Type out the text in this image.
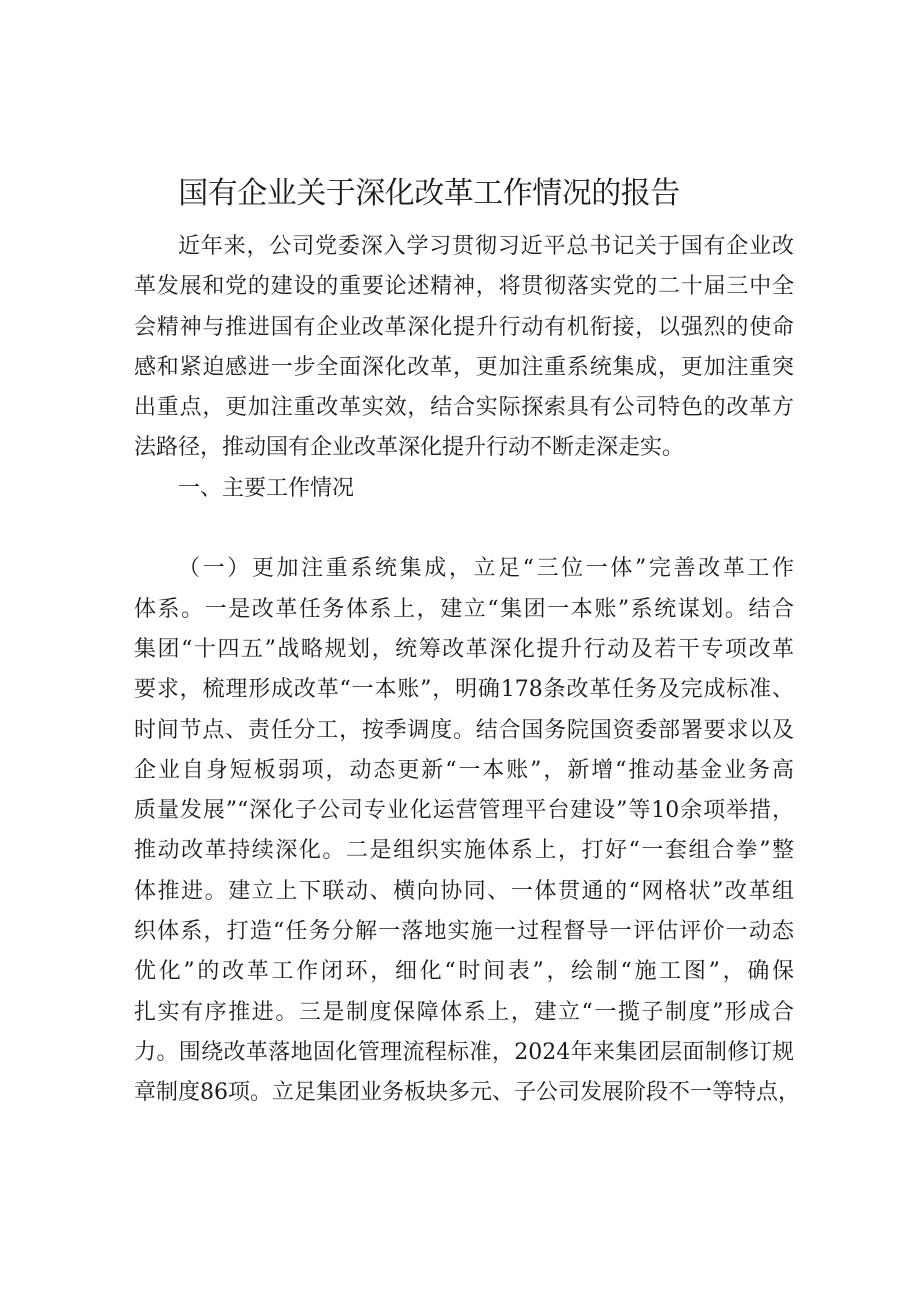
国有企业关于深化改革工作情况的报告
近年来，公司党委深入学习贯彻习近平总书记关于国有企业改
革发展和党的建设的重要论述精神，将贯彻落实党的二十届三中全
会精神与推进国有企业改革深化提升行动有机衔接，以强烈的使命
感和紧迫感进一步全面深化改革，更加注重系统集成，更加注重突
出重点，更加注重改革实效，结合实际探索具有公司特色的改革方
法路径，推动国有企业改革深化提升行动不断走深走实。
一、主要工作情况
（一）更加注重系统集成，立足“三位一体”完善改革工作
体系。一是改革任务体系上，建立“集团一本账”系统谋划。结合
集团“十四五”战略规划，统筹改革深化提升行动及若干专项改革
要求，梳理形成改革“一本账”，明确178条改革任务及完成标准、
时间节点、责任分工，按季调度。结合国务院国资委部署要求以及
企业自身短板弱项，动态更新“一本账”，新增“推动基金业务高
质量发展”“深化子公司专业化运营管理平台建设”等10余项举措，
推动改革持续深化。二是组织实施体系上，打好“一套组合拳”整
体推进。建立上下联动、横向协同、一体贯通的“网格状”改革组
织体系，打造“任务分解一落地实施一过程督导一评估评价一动态
优化”的改革工作闭环，细化“时间表”，绘制“施工图”，确保
扎实有序推进。三是制度保障体系上，建立“一揽子制度”形成合
力。围绕改革落地固化管理流程标准，2024年来集团层面制修订规
章制度86项。立足集团业务板块多元、子公司发展阶段不一等特点，
